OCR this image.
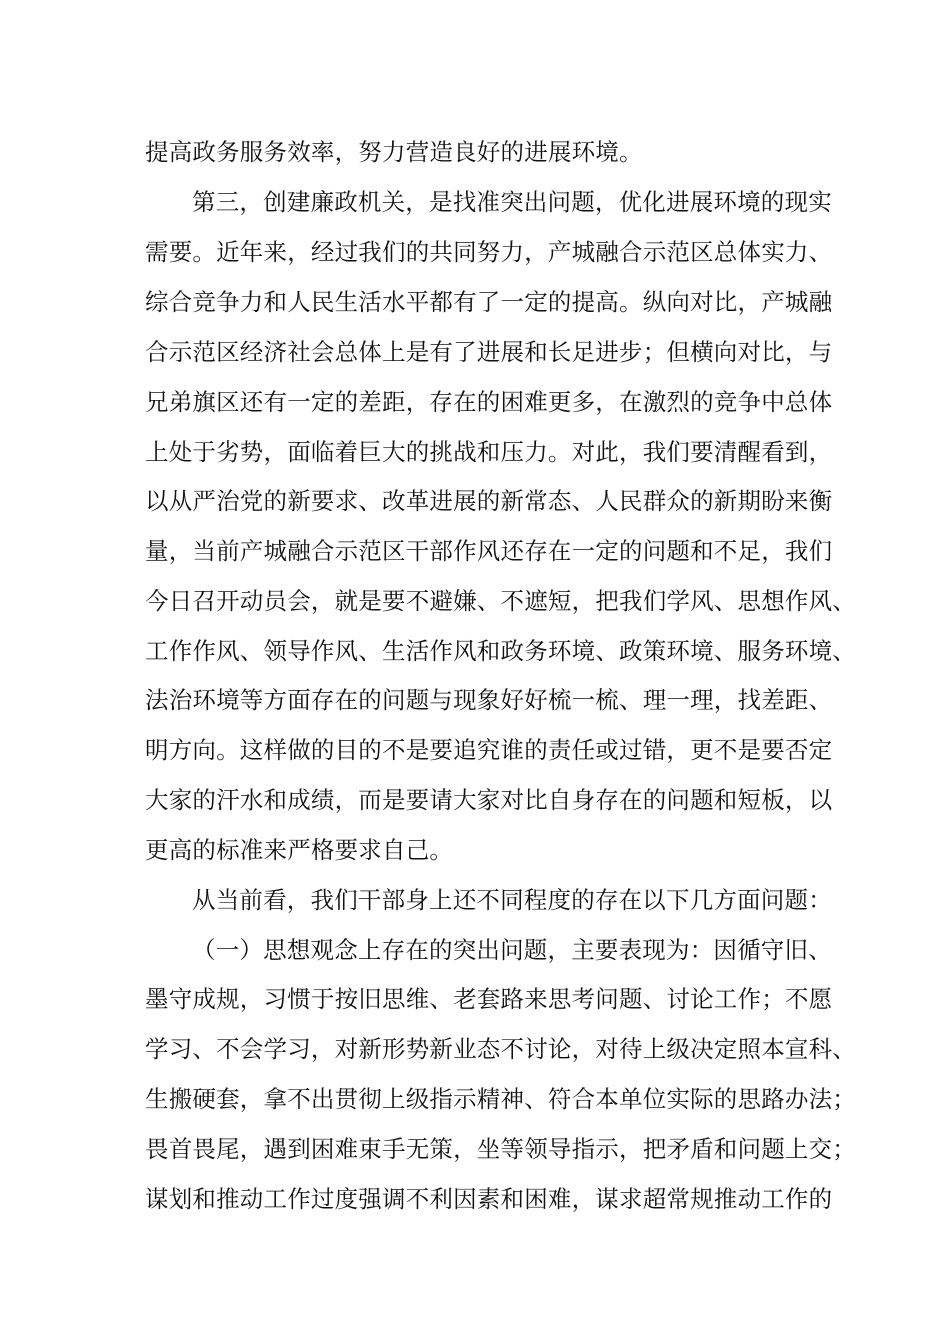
提高政务服务效率，努力营造良好的进展环境。
第三，创建廉政机关，是找准突出问题，优化进展环境的现实
需要。近年来，经过我们的共同努力，产城融合示范区总体实力、
综合竞争力和人民生活水平都有了一定的提高。纵向对比，产城融
合示范区经济社会总体上是有了进展和长足进步；但横向对比，与
兄弟旗区还有一定的差距，存在的困难更多，在激烈的竞争中总体
上处于劣势，面临着巨大的挑战和压力。对此，我们要清醒看到，
以从严治党的新要求、改革进展的新常态、人民群众的新期盼来衡
量，当前产城融合示范区干部作风还存在一定的问题和不足，我们
今日召开动员会，就是要不避嫌、不遮短，把我们学风、思想作风、
工作作风、领导作风、生活作风和政务环境、政策环境、服务环境、
法治环境等方面存在的问题与现象好好梳一梳、理一理，找差距、
明方向。这样做的目的不是要追究谁的责任或过错，更不是要否定
大家的汗水和成绩，而是要请大家对比自身存在的问题和短板，以
更高的标准来严格要求自己。
从当前看，我们干部身上还不同程度的存在以下几方面问题：
（一）思想观念上存在的突出问题，主要表现为：因循守旧、
墨守成规，习惯于按旧思维、老套路来思考问题、讨论工作；不愿
学习、不会学习，对新形势新业态不讨论，对待上级决定照本宣科、
生搬硬套，拿不出贯彻上级指示精神、符合本单位实际的思路办法；
畏首畏尾，遇到困难束手无策，坐等领导指示，把矛盾和问题上交；
谋划和推动工作过度强调不利因素和困难，谋求超常规推动工作的
